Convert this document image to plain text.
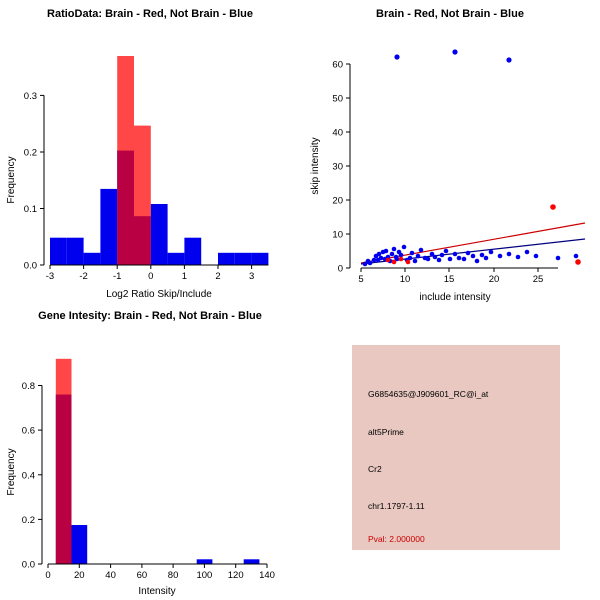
RatioData: Brain - Red, Not Brain - Blue
-3	-2	-1	0	1	2	3
0.0
0.1
0.2
0.3
Log2 Ratio Skip/Include
Frequency
Brain - Red, Not Brain - Blue
5	10	15	20	25
0
10
20
30
40
50
60
include intensity
skip intensity
Gene Intesity: Brain - Red, Not Brain - Blue
0 20 40 60 80 100 120 140
0.0
0.2
0.4
0.6
0.8
Intensity
Frequency
G6854635@J909601_RC@i_at
alt5Prime
Cr2
chr1.1797-1.11
Pval: 2.000000
